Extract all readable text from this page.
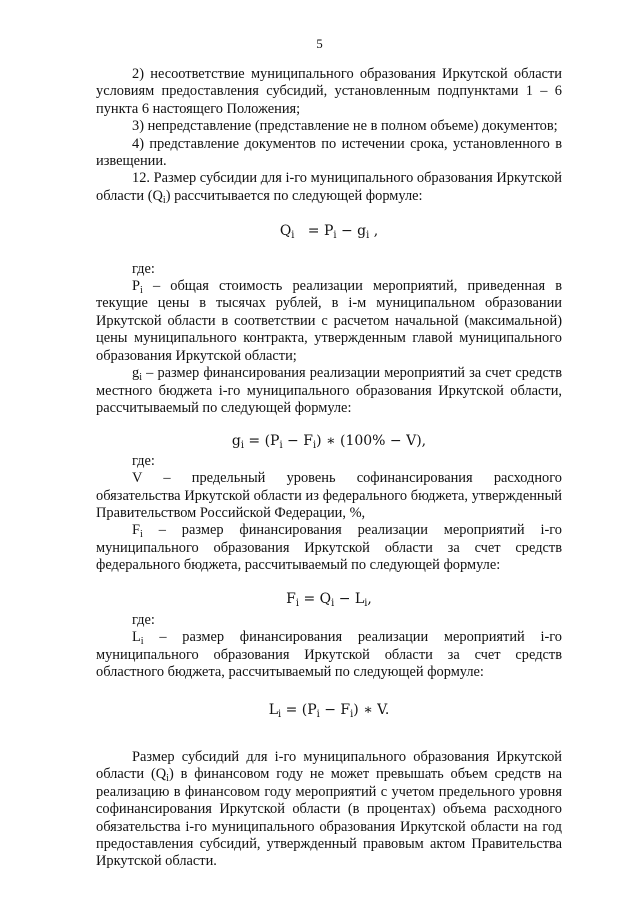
5

2) несоответствие муниципального образования Иркутской области условиям предоставления субсидий, установленным подпунктами 1 – 6 пункта 6 настоящего Положения;

3) непредставление (представление не в полном объеме) документов;

4) представление документов по истечении срока, установленного в извещении.

12. Размер субсидии для i-го муниципального образования Иркутской области $(Q_i)$ рассчитывается по следующей формуле:

$Q_i = P_i - g_i$ ,

где:

$P_i$ – общая стоимость реализации мероприятий, приведенная в текущие цены в тысячах рублей, в i-м муниципальном образовании Иркутской области в соответствии с расчетом начальной (максимальной) цены муниципального контракта, утвержденным главой муниципального образования Иркутской области;

$g_i$ – размер финансирования реализации мероприятий за счет средств местного бюджета i-го муниципального образования Иркутской области, рассчитываемый по следующей формуле:

$g_i = (P_i - F_i)$ ∗ (100% − V),

где:

V – предельный уровень софинансирования расходного обязательства Иркутской области из федерального бюджета, утвержденный Правительством Российской Федерации, %,

$F_i$ – размер финансирования реализации мероприятий i-го муниципального образования Иркутской области за счет средств федерального бюджета, рассчитываемый по следующей формуле:

$F_i = Q_i - L_i$,

где:

$L_i$ – размер финансирования реализации мероприятий i-го муниципального образования Иркутской области за счет средств областного бюджета, рассчитываемый по следующей формуле:

$L_i = (P_i - F_i)$ ∗ V.

Размер субсидий для i-го муниципального образования Иркутской области $(Q_i)$ в финансовом году не может превышать объем средств на реализацию в финансовом году мероприятий с учетом предельного уровня софинансирования Иркутской области (в процентах) объема расходного обязательства i-го муниципального образования Иркутской области на год предоставления субсидий, утвержденный правовым актом Правительства Иркутской области.
